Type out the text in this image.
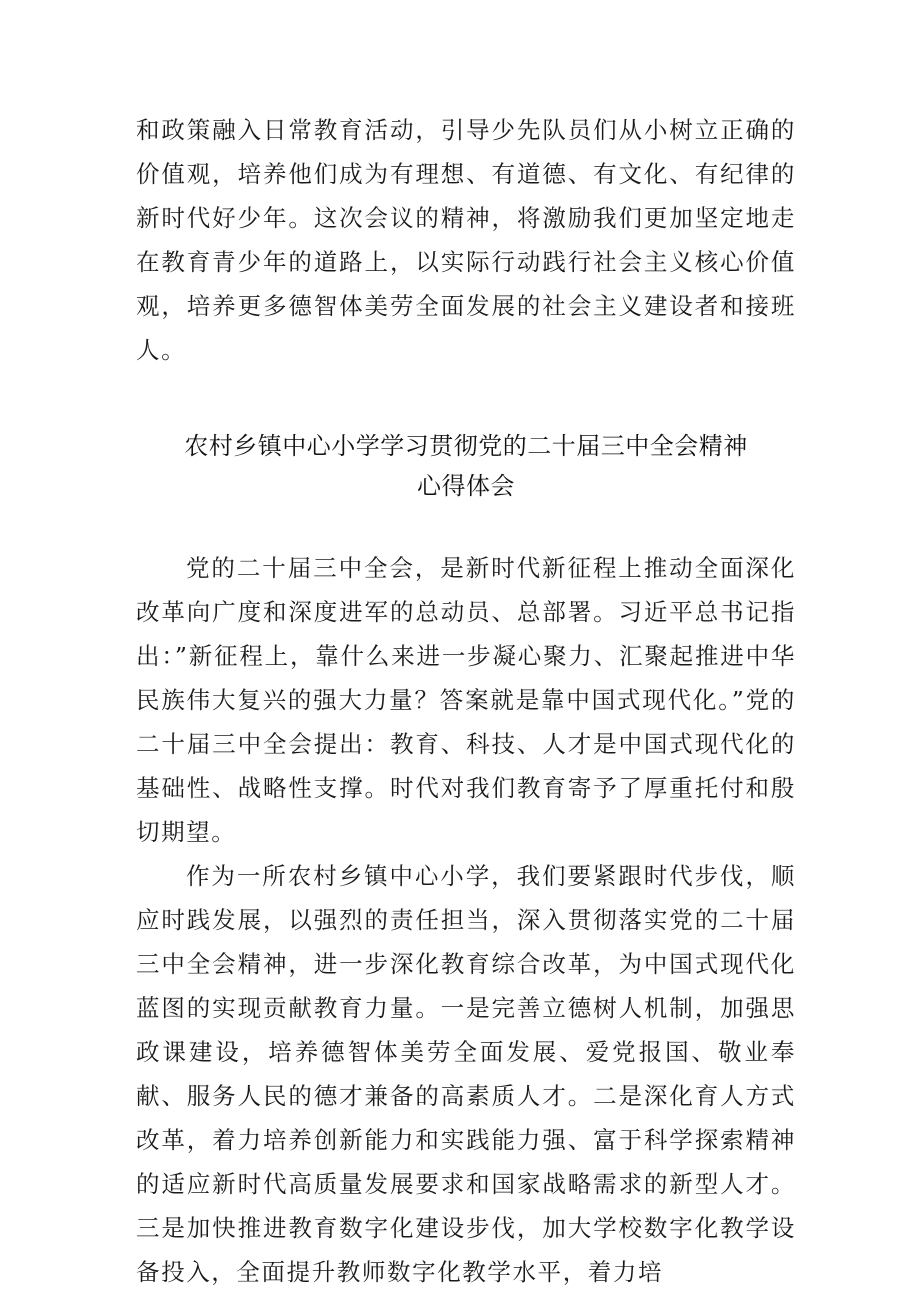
和政策融入日常教育活动，引导少先队员们从小树立正确的价值观，培养他们成为有理想、有道德、有文化、有纪律的新时代好少年。这次会议的精神，将激励我们更加坚定地走在教育青少年的道路上，以实际行动践行社会主义核心价值观，培养更多德智体美劳全面发展的社会主义建设者和接班人。

农村乡镇中心小学学习贯彻党的二十届三中全会精神
心得体会

党的二十届三中全会，是新时代新征程上推动全面深化改革向广度和深度进军的总动员、总部署。习近平总书记指出：”新征程上，靠什么来进一步凝心聚力、汇聚起推进中华民族伟大复兴的强大力量？答案就是靠中国式现代化。”党的二十届三中全会提出：教育、科技、人才是中国式现代化的基础性、战略性支撑。时代对我们教育寄予了厚重托付和殷切期望。

作为一所农村乡镇中心小学，我们要紧跟时代步伐，顺应时践发展，以强烈的责任担当，深入贯彻落实党的二十届三中全会精神，进一步深化教育综合改革，为中国式现代化蓝图的实现贡献教育力量。一是完善立德树人机制，加强思政课建设，培养德智体美劳全面发展、爱党报国、敬业奉献、服务人民的德才兼备的高素质人才。二是深化育人方式改革，着力培养创新能力和实践能力强、富于科学探索精神的适应新时代高质量发展要求和国家战略需求的新型人才。三是加快推进教育数字化建设步伐，加大学校数字化教学设备投入，全面提升教师数字化教学水平，着力培
